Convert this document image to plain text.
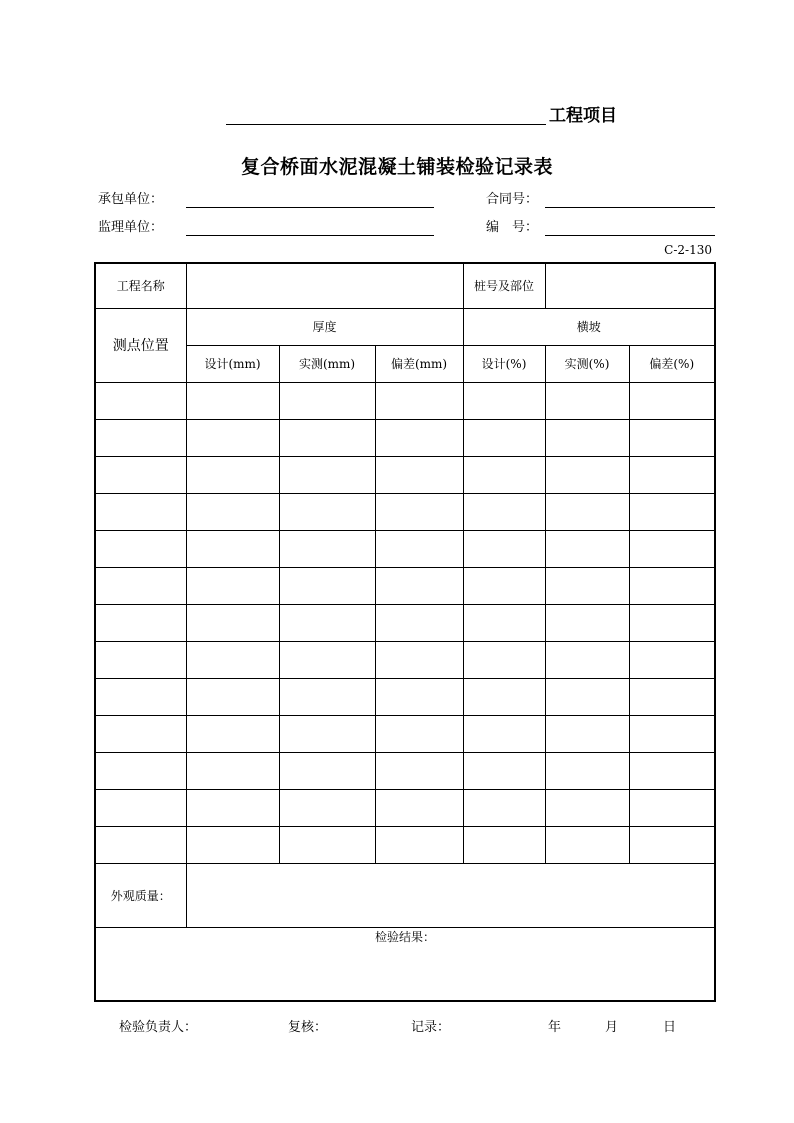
工程项目
复合桥面水泥混凝土铺装检验记录表
承包单位：	合同号：
监理单位：	编　号：
C-2-130
工程名称				桩号及部位		
测点位置	厚度			横坡		
	设计(mm)	实测(mm)	偏差(mm)	设计(%)	实测(%)	偏差(%)

外观质量：						
检验结果：						
检验负责人：	复核：	记录：	年	月	日
